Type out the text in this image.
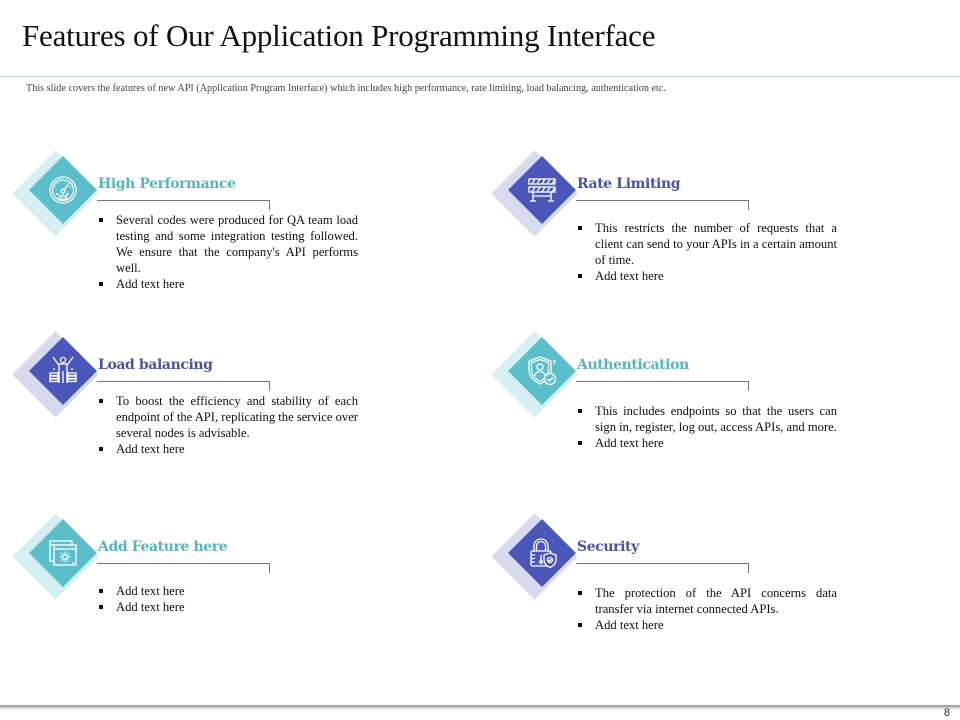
Features of Our Application Programming Interface
This slide covers the features of new API (Application Program Interface) which includes high performance, rate limiting, load balancing, authentication etc.
High Performance
Several codes were produced for QA team load testing and some integration testing followed. We ensure that the company's API performs well.
Add text here
Rate Limiting
This restricts the number of requests that a client can send to your APIs in a certain amount of time.
Add text here
Load balancing
To boost the efficiency and stability of each endpoint of the API, replicating the service over several nodes is advisable.
Add text here
Authentication
This includes endpoints so that the users can sign in, register, log out, access APIs, and more.
Add text here
Add Feature here
Add text here
Add text here
Security
The protection of the API concerns data transfer via internet connected APIs.
Add text here
8
